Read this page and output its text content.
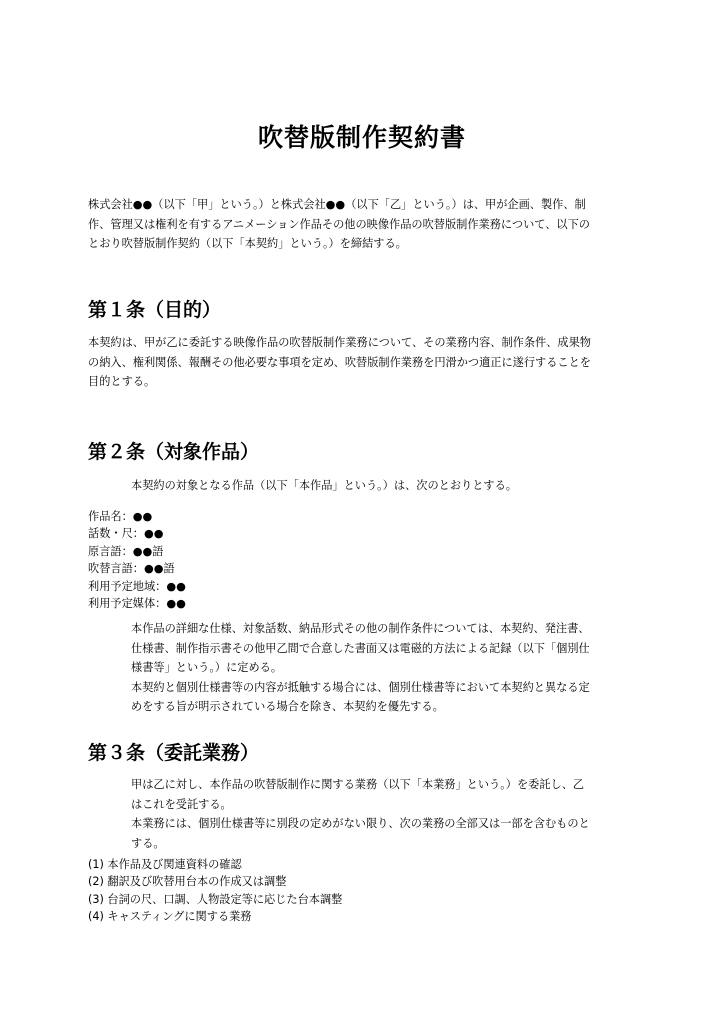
吹替版制作契約書
株式会社●●（以下「甲」という。）と株式会社●●（以下「乙」という。）は、甲が企画、製作、制
作、管理又は権利を有するアニメーション作品その他の映像作品の吹替版制作業務について、以下の
とおり吹替版制作契約（以下「本契約」という。）を締結する。
第１条（目的）
本契約は、甲が乙に委託する映像作品の吹替版制作業務について、その業務内容、制作条件、成果物
の納入、権利関係、報酬その他必要な事項を定め、吹替版制作業務を円滑かつ適正に遂行することを
目的とする。
第２条（対象作品）
本契約の対象となる作品（以下「本作品」という。）は、次のとおりとする。
作品名：●●
話数・尺：●●
原言語：●●語
吹替言語：●●語
利用予定地域：●●
利用予定媒体：●●
本作品の詳細な仕様、対象話数、納品形式その他の制作条件については、本契約、発注書、
仕様書、制作指示書その他甲乙間で合意した書面又は電磁的方法による記録（以下「個別仕
様書等」という。）に定める。
本契約と個別仕様書等の内容が抵触する場合には、個別仕様書等において本契約と異なる定
めをする旨が明示されている場合を除き、本契約を優先する。
第３条（委託業務）
甲は乙に対し、本作品の吹替版制作に関する業務（以下「本業務」という。）を委託し、乙
はこれを受託する。
本業務には、個別仕様書等に別段の定めがない限り、次の業務の全部又は一部を含むものと
する。
(1) 本作品及び関連資料の確認
(2) 翻訳及び吹替用台本の作成又は調整
(3) 台詞の尺、口調、人物設定等に応じた台本調整
(4) キャスティングに関する業務
